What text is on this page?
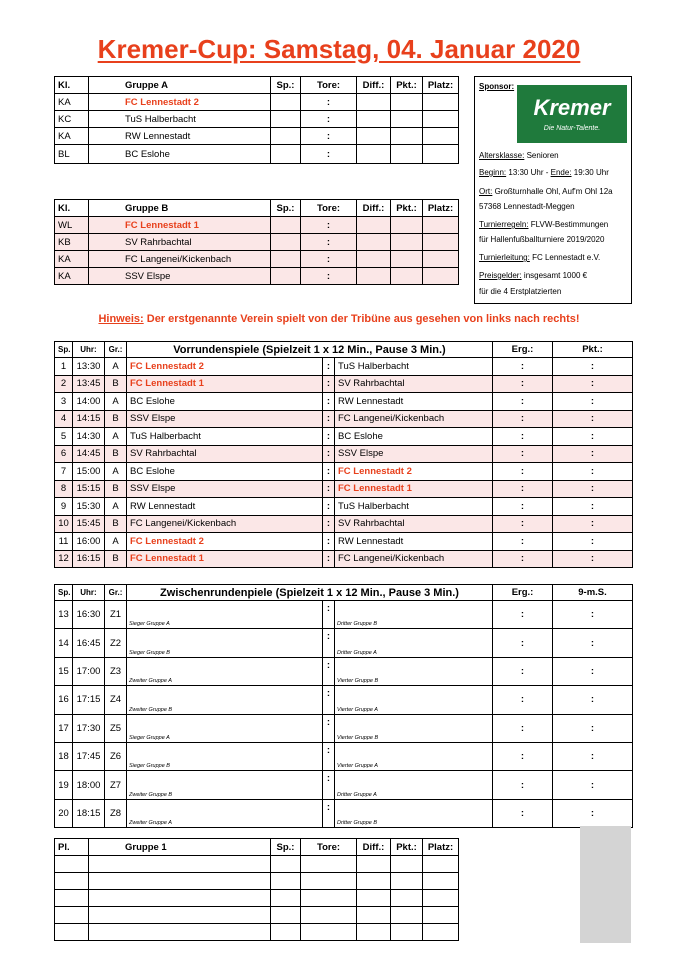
Kremer-Cup: Samstag, 04. Januar 2020
Kl.	Gruppe A	Sp.:	Tore:	Diff.:	Pkt.:	Platz:
KA	FC Lennestadt 2		:			
KC	TuS Halberbacht		:			
KA	RW Lennestadt		:			
BL	BC Eslohe		:			
Kl.	Gruppe B	Sp.:	Tore:	Diff.:	Pkt.:	Platz:
WL	FC Lennestadt 1		:			
KB	SV Rahrbachtal		:			
KA	FC Langenei/Kickenbach		:			
KA	SSV Elspe		:			
Sponsor:
Kremer
Die Natur-Talente.
Altersklasse: Senioren
Beginn: 13:30 Uhr - Ende: 19:30 Uhr
Ort: Großturnhalle Ohl, Auf'm Ohl 12a
57368 Lennestadt-Meggen
Turnierregeln: FLVW-Bestimmungen
für Hallenfußballturniere 2019/2020
Turnierleitung: FC Lennestadt e.V.
Preisgelder: insgesamt 1000 €
für die 4 Erstplatzierten
Hinweis: Der erstgenannte Verein spielt von der Tribüne aus gesehen von links nach rechts!
Sp.	Uhr:	Gr.:	Vorrundenspiele (Spielzeit 1 x 12 Min., Pause 3 Min.)			Erg.:	Pkt.:
1	13:30	A	FC Lennestadt 2	:	TuS Halberbacht	:	:
2	13:45	B	FC Lennestadt 1	:	SV Rahrbachtal	:	:
3	14:00	A	BC Eslohe	:	RW Lennestadt	:	:
4	14:15	B	SSV Elspe	:	FC Langenei/Kickenbach	:	:
5	14:30	A	TuS Halberbacht	:	BC Eslohe	:	:
6	14:45	B	SV Rahrbachtal	:	SSV Elspe	:	:
7	15:00	A	BC Eslohe	:	FC Lennestadt 2	:	:
8	15:15	B	SSV Elspe	:	FC Lennestadt 1	:	:
9	15:30	A	RW Lennestadt	:	TuS Halberbacht	:	:
10	15:45	B	FC Langenei/Kickenbach	:	SV Rahrbachtal	:	:
11	16:00	A	FC Lennestadt 2	:	RW Lennestadt	:	:
12	16:15	B	FC Lennestadt 1	:	FC Langenei/Kickenbach	:	:
Sp.	Uhr:	Gr.:	Zwischenrundenpiele (Spielzeit 1 x 12 Min., Pause 3 Min.)			Erg.:	9-m.S.
13	16:30	Z1	Sieger Gruppe A	:	Dritter Gruppe B	:	:
14	16:45	Z2	Sieger Gruppe B	:	Dritter Gruppe A	:	:
15	17:00	Z3	Zweiter Gruppe A	:	Vierter Gruppe B	:	:
16	17:15	Z4	Zweiter Gruppe B	:	Vierter Gruppe A	:	:
17	17:30	Z5	Sieger Gruppe A	:	Vierter Gruppe B	:	:
18	17:45	Z6	Sieger Gruppe B	:	Vierter Gruppe A	:	:
19	18:00	Z7	Zweiter Gruppe B	:	Dritter Gruppe A	:	:
20	18:15	Z8	Zweiter Gruppe A	:	Dritter Gruppe B	:	:
Pl.	Gruppe 1	Sp.:	Tore:	Diff.:	Pkt.:	Platz:
